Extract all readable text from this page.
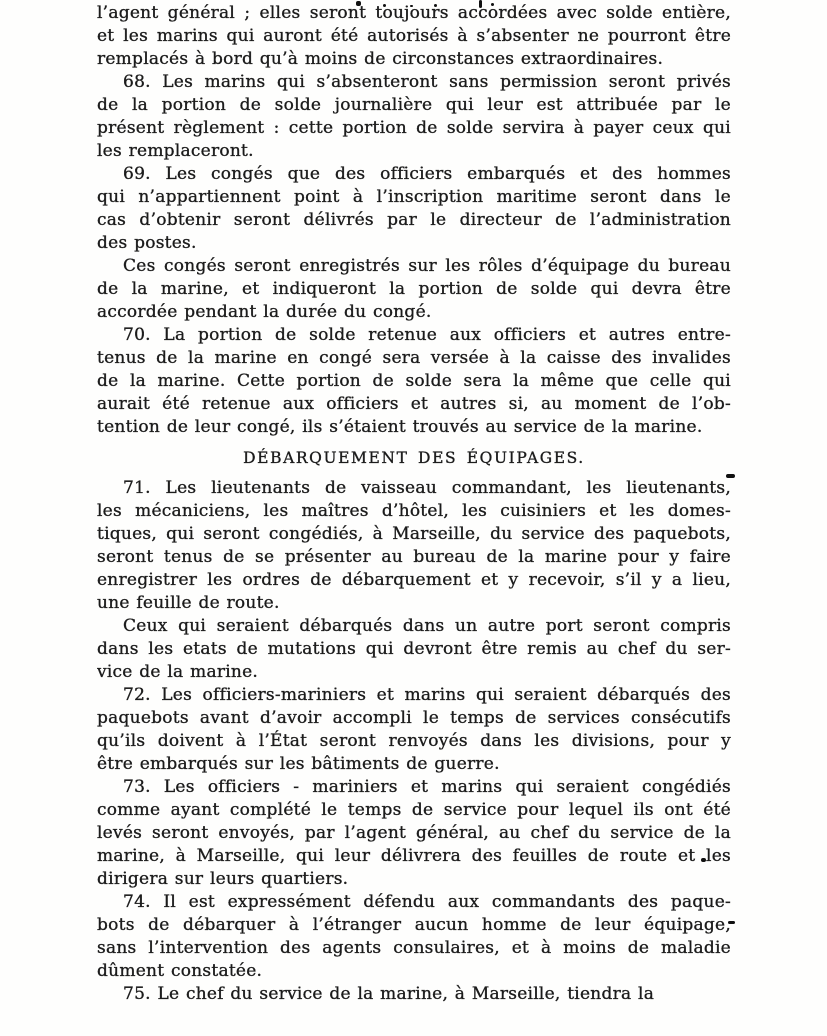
l’agent général ; elles seront toujours accordées avec solde entière,
et les marins qui auront été autorisés à s’absenter ne pourront être
remplacés à bord qu’à moins de circonstances extraordinaires.
68. Les marins qui s’absenteront sans permission seront privés
de la portion de solde journalière qui leur est attribuée par le
présent règlement : cette portion de solde servira à payer ceux qui
les remplaceront.
69. Les congés que des officiers embarqués et des hommes
qui n’appartiennent point à l’inscription maritime seront dans le
cas d’obtenir seront délivrés par le directeur de l’administration
des postes.
Ces congés seront enregistrés sur les rôles d’équipage du bureau
de la marine, et indiqueront la portion de solde qui devra être
accordée pendant la durée du congé.
70. La portion de solde retenue aux officiers et autres entre-
tenus de la marine en congé sera versée à la caisse des invalides
de la marine. Cette portion de solde sera la même que celle qui
aurait été retenue aux officiers et autres si, au moment de l’ob-
tention de leur congé, ils s’étaient trouvés au service de la marine.
DÉBARQUEMENT DES ÉQUIPAGES.
71. Les lieutenants de vaisseau commandant, les lieutenants,
les mécaniciens, les maîtres d’hôtel, les cuisiniers et les domes-
tiques, qui seront congédiés, à Marseille, du service des paquebots,
seront tenus de se présenter au bureau de la marine pour y faire
enregistrer les ordres de débarquement et y recevoir, s’il y a lieu,
une feuille de route.
Ceux qui seraient débarqués dans un autre port seront compris
dans les etats de mutations qui devront être remis au chef du ser-
vice de la marine.
72. Les officiers-mariniers et marins qui seraient débarqués des
paquebots avant d’avoir accompli le temps de services consécutifs
qu’ils doivent à l’État seront renvoyés dans les divisions, pour y
être embarqués sur les bâtiments de guerre.
73. Les officiers - mariniers et marins qui seraient congédiés
comme ayant complété le temps de service pour lequel ils ont été
levés seront envoyés, par l’agent général, au chef du service de la
marine, à Marseille, qui leur délivrera des feuilles de route et les
dirigera sur leurs quartiers.
74. Il est expressément défendu aux commandants des paque-
bots de débarquer à l’étranger aucun homme de leur équipage,
sans l’intervention des agents consulaires, et à moins de maladie
dûment constatée.
75. Le chef du service de la marine, à Marseille, tiendra la
